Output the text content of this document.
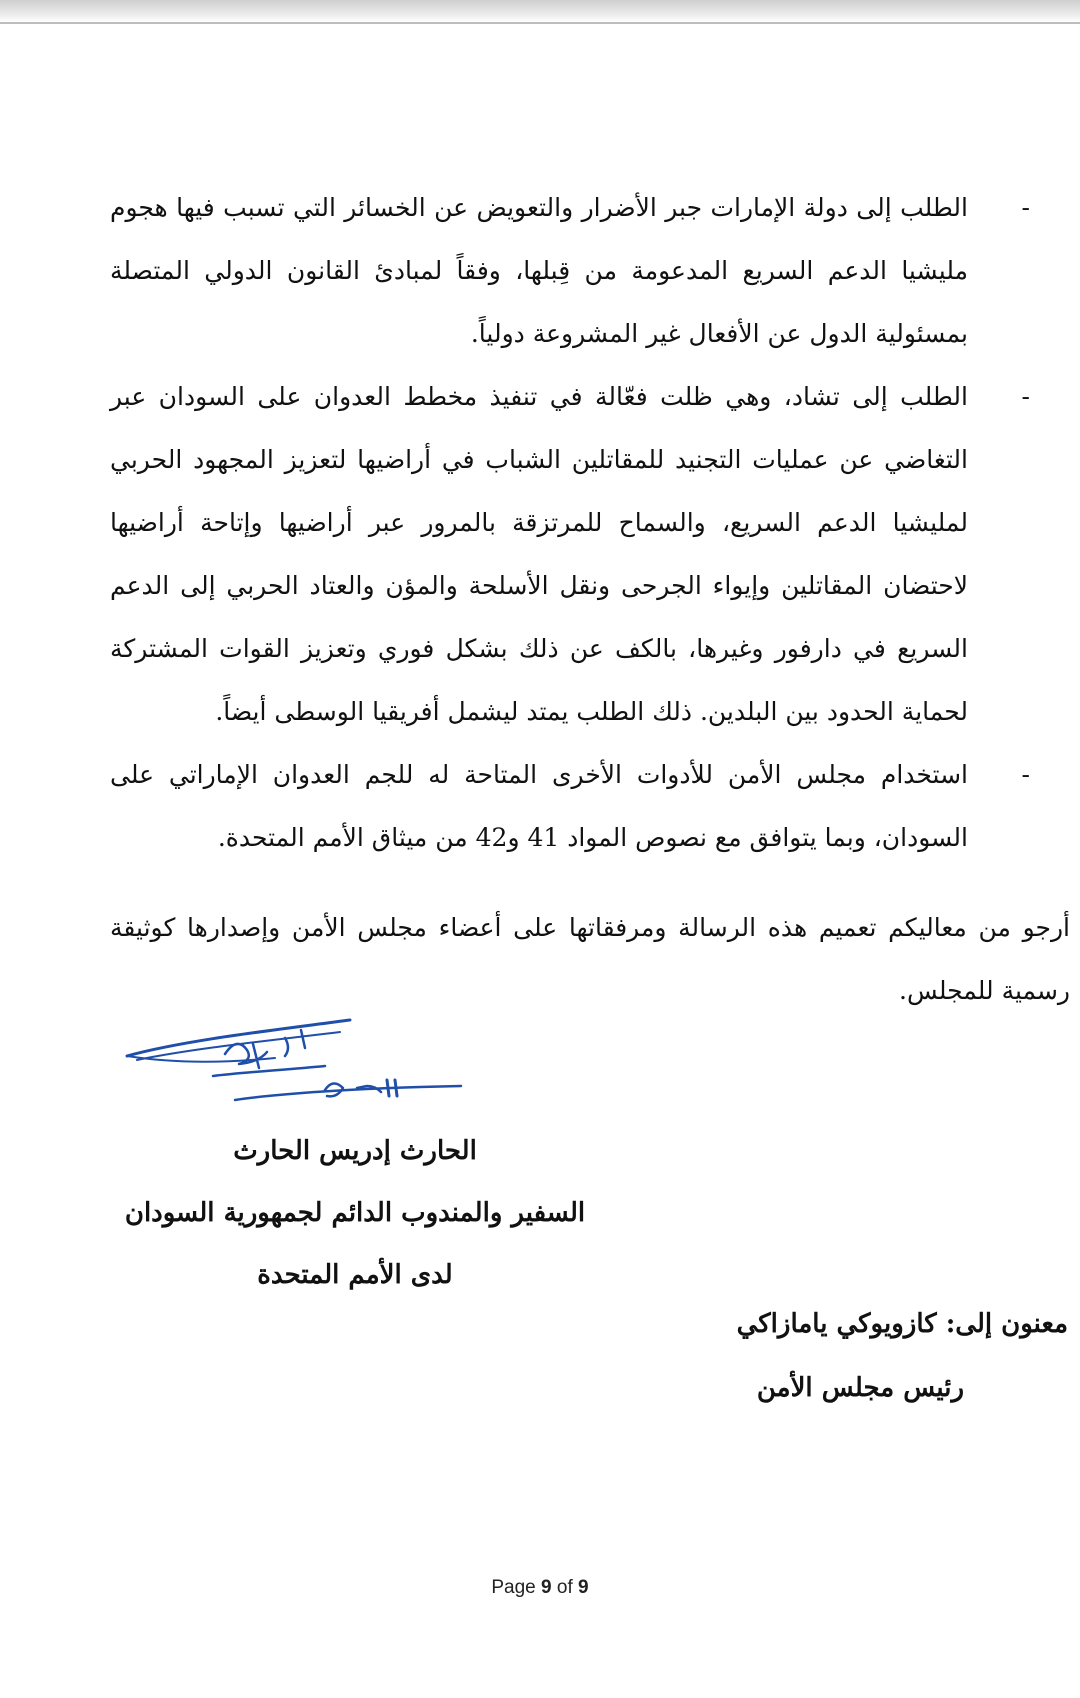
-
الطلب إلى دولة الإمارات جبر الأضرار والتعويض عن الخسائر التي تسبب فيها هجوم مليشيا الدعم السريع المدعومة من قِبلها، وفقاً لمبادئ القانون الدولي المتصلة بمسئولية الدول عن الأفعال غير المشروعة دولياً.
-
الطلب إلى تشاد، وهي ظلت فعّالة في تنفيذ مخطط العدوان على السودان عبر التغاضي عن عمليات التجنيد للمقاتلين الشباب في أراضيها لتعزيز المجهود الحربي لمليشيا الدعم السريع، والسماح للمرتزقة بالمرور عبر أراضيها وإتاحة أراضيها لاحتضان المقاتلين وإيواء الجرحى ونقل الأسلحة والمؤن والعتاد الحربي إلى الدعم السريع في دارفور وغيرها، بالكف عن ذلك بشكل فوري وتعزيز القوات المشتركة لحماية الحدود بين البلدين. ذلك الطلب يمتد ليشمل أفريقيا الوسطى أيضاً.
-
استخدام مجلس الأمن للأدوات الأخرى المتاحة له للجم العدوان الإماراتي على السودان، وبما يتوافق مع نصوص المواد 41 و42 من ميثاق الأمم المتحدة.

أرجو من معاليكم تعميم هذه الرسالة ومرفقاتها على أعضاء مجلس الأمن وإصدارها كوثيقة رسمية للمجلس.

الحارث إدريس الحارث
السفير والمندوب الدائم لجمهورية السودان
لدى الأمم المتحدة
معنون إلى: كازويوكي يامازاكي
رئيس مجلس الأمن
Page 9 of 9
